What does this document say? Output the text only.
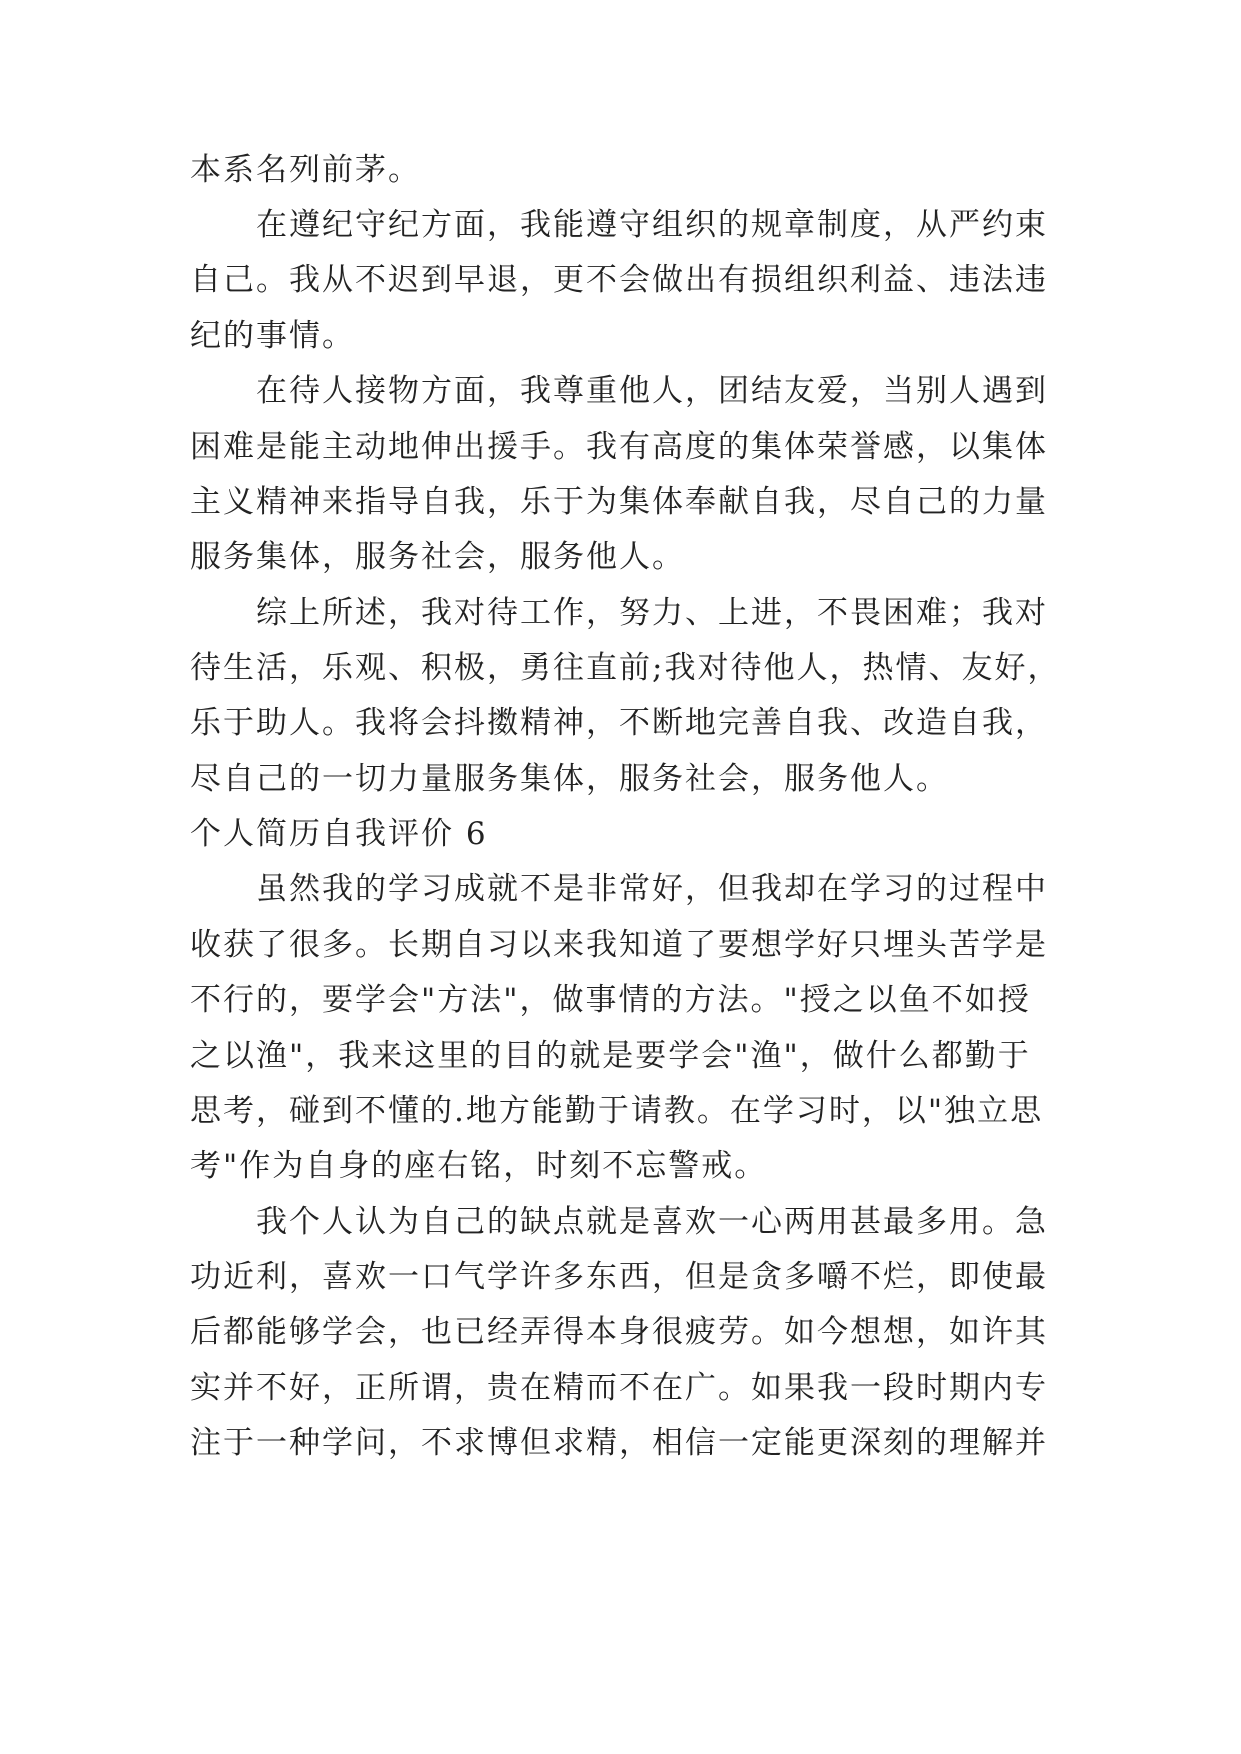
本系名列前茅。
　　在遵纪守纪方面，我能遵守组织的规章制度，从严约束
自己。我从不迟到早退，更不会做出有损组织利益、违法违
纪的事情。
　　在待人接物方面，我尊重他人，团结友爱，当别人遇到
困难是能主动地伸出援手。我有高度的集体荣誉感，以集体
主义精神来指导自我，乐于为集体奉献自我，尽自己的力量
服务集体，服务社会，服务他人。
　　综上所述，我对待工作，努力、上进，不畏困难；我对
待生活，乐观、积极，勇往直前;我对待他人，热情、友好，
乐于助人。我将会抖擞精神，不断地完善自我、改造自我，
尽自己的一切力量服务集体，服务社会，服务他人。
个人简历自我评价 6
　　虽然我的学习成就不是非常好，但我却在学习的过程中
收获了很多。长期自习以来我知道了要想学好只埋头苦学是
不行的，要学会"方法"，做事情的方法。"授之以鱼不如授
之以渔"，我来这里的目的就是要学会"渔"，做什么都勤于
思考，碰到不懂的.地方能勤于请教。在学习时，以"独立思
考"作为自身的座右铭，时刻不忘警戒。
　　我个人认为自己的缺点就是喜欢一心两用甚最多用。急
功近利，喜欢一口气学许多东西，但是贪多嚼不烂，即使最
后都能够学会，也已经弄得本身很疲劳。如今想想，如许其
实并不好，正所谓，贵在精而不在广。如果我一段时期内专
注于一种学问，不求博但求精，相信一定能更深刻的理解并
